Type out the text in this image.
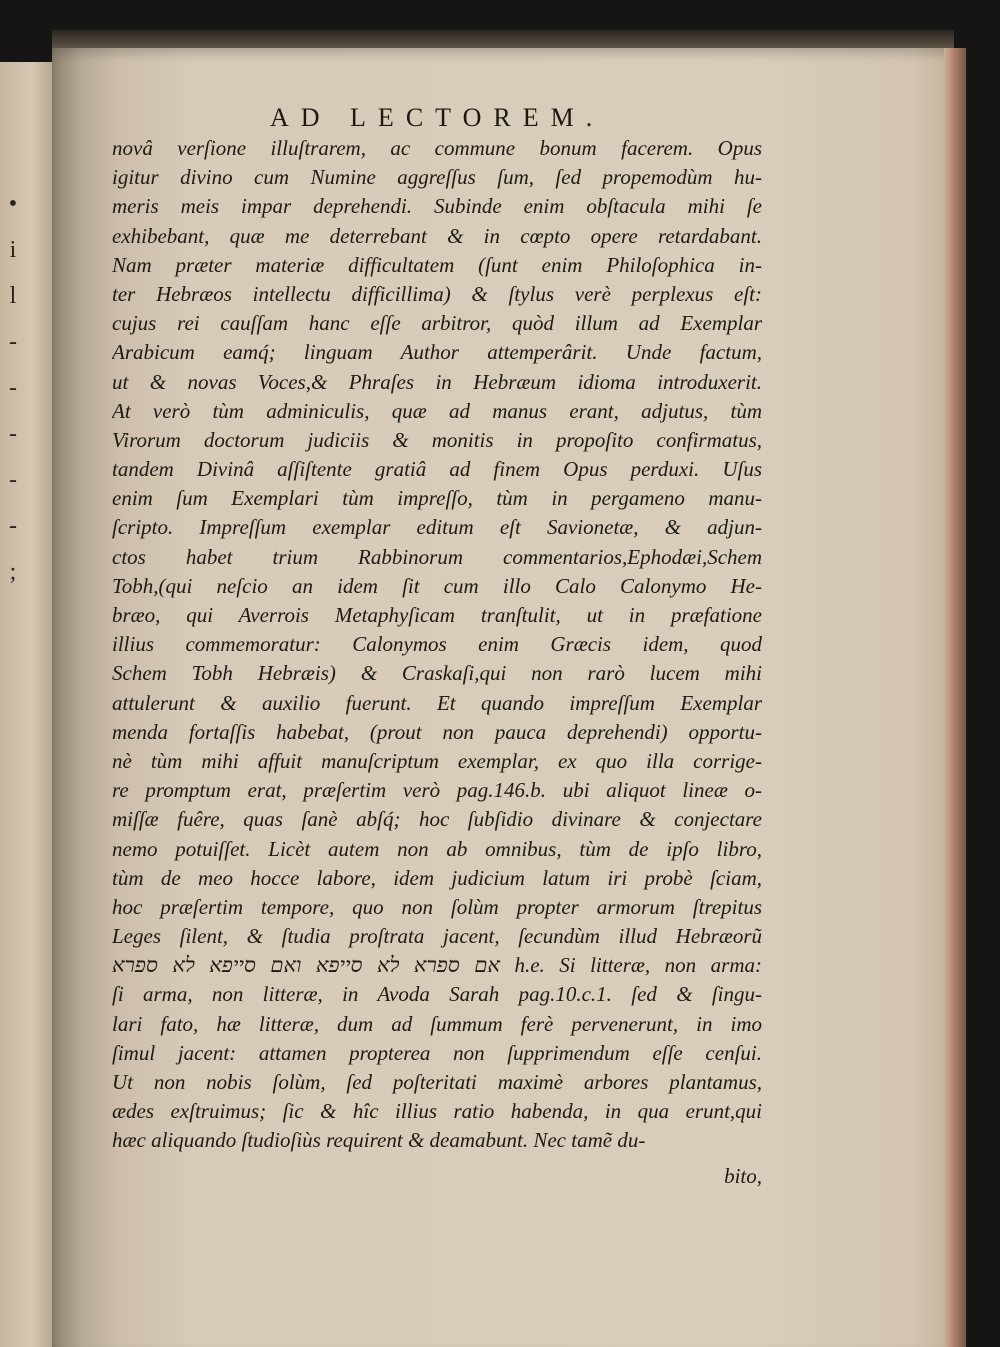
•
i
l
-
-
-
-
-
;
AD LECTOREM.
novâ verſione illuſtrarem, ac commune bonum facerem. Opus
igitur divino cum Numine aggreſſus ſum, ſed propemodùm hu-
meris meis impar deprehendi. Subinde enim obſtacula mihi ſe
exhibebant, quæ me deterrebant & in cœpto opere retardabant.
Nam præter materiæ difficultatem (ſunt enim Philoſophica in-
ter Hebræos intellectu difficillima) & ſtylus verè perplexus eſt:
cujus rei cauſſam hanc eſſe arbitror, quòd illum ad Exemplar
Arabicum eamq́; linguam Author attemperârit. Unde factum,
ut & novas Voces,& Phraſes in Hebræum idioma introduxerit.
At verò tùm adminiculis, quæ ad manus erant, adjutus, tùm
Virorum doctorum judiciis & monitis in propoſito confirmatus,
tandem Divinâ aſſiſtente gratiâ ad finem Opus perduxi. Uſus
enim ſum Exemplari tùm impreſſo, tùm in pergameno manu-
ſcripto. Impreſſum exemplar editum eſt Savionetæ, & adjun-
ctos habet trium Rabbinorum commentarios,Ephodæi,Schem
Tobh,(qui neſcio an idem ſit cum illo Calo Calonymo He-
bræo, qui Averrois Metaphyſicam tranſtulit, ut in præfatione
illius commemoratur: Calonymos enim Græcis idem, quod
Schem Tobh Hebræis) & Craskaſi,qui non rarò lucem mihi
attulerunt & auxilio fuerunt. Et quando impreſſum Exemplar
menda fortaſſis habebat, (prout non pauca deprehendi) opportu-
nè tùm mihi affuit manuſcriptum exemplar, ex quo illa corrige-
re promptum erat, præſertim verò pag.146.b. ubi aliquot lineæ o-
miſſæ fuêre, quas ſanè abſq́; hoc ſubſidio divinare & conjectare
nemo potuiſſet. Licèt autem non ab omnibus, tùm de ipſo libro,
tùm de meo hocce labore, idem judicium latum iri probè ſciam,
hoc præſertim tempore, quo non ſolùm propter armorum ſtrepitus
Leges ſilent, & ſtudia proſtrata jacent, ſecundùm illud Hebræorũ
אם ספרא לא סייפא ואם סייפא לא ספרא h.e. Si litteræ, non arma:
ſi arma, non litteræ, in Avoda Sarah pag.10.c.1. ſed & ſingu-
lari fato, hæ litteræ, dum ad ſummum ferè pervenerunt, in imo
ſimul jacent: attamen propterea non ſupprimendum eſſe cenſui.
Ut non nobis ſolùm, ſed poſteritati maximè arbores plantamus,
ædes exſtruimus; ſic & hîc illius ratio habenda, in qua erunt,qui
hæc aliquando ſtudioſiùs requirent & deamabunt. Nec tamẽ du-
bito,
